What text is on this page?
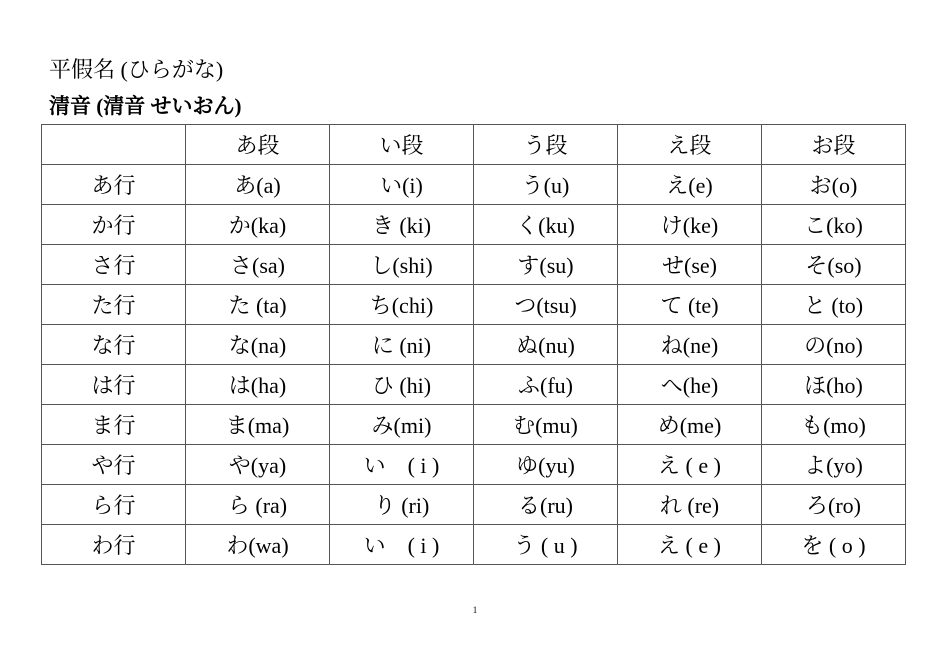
平假名 (ひらがな)
清音 (清音 せいおん)
	あ段	い段	う段	え段	お段
あ行	あ(a)	い(i)	う(u)	え(e)	お(o)
か行	か(ka)	き (ki)	く(ku)	け(ke)	こ(ko)
さ行	さ(sa)	し(shi)	す(su)	せ(se)	そ(so)
た行	た (ta)	ち(chi)	つ(tsu)	て (te)	と (to)
な行	な(na)	に (ni)	ぬ(nu)	ね(ne)	の(no)
は行	は(ha)	ひ (hi)	ふ(fu)	へ(he)	ほ(ho)
ま行	ま(ma)	み(mi)	む(mu)	め(me)	も(mo)
や行	や(ya)	い　( i )	ゆ(yu)	え ( e )	よ(yo)
ら行	ら (ra)	り (ri)	る(ru)	れ (re)	ろ(ro)
わ行	わ(wa)	い　( i )	う ( u )	え ( e )	を ( o )
1
